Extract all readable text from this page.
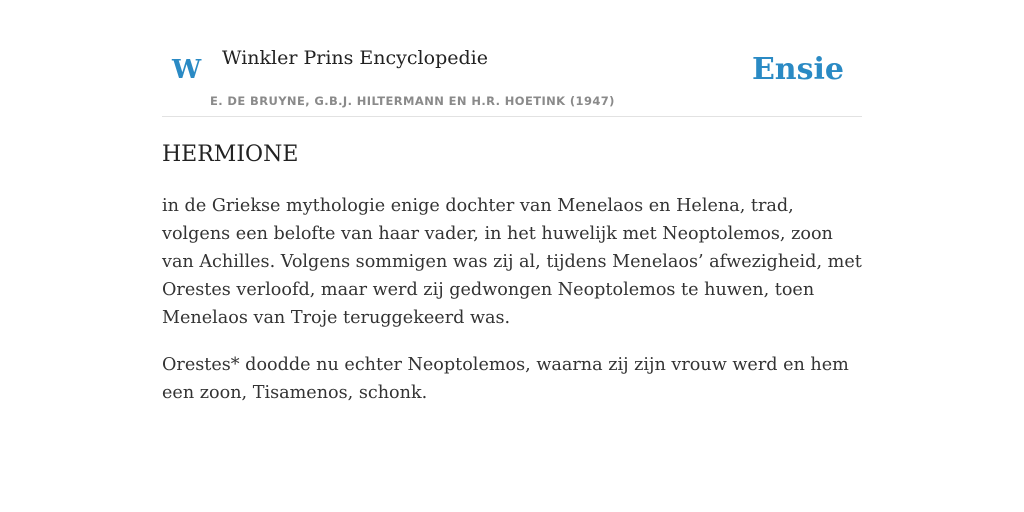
W Winkler Prins Encyclopedie
E. DE BRUYNE, G.B.J. HILTERMANN EN H.R. HOETINK (1947)
Ensie
HERMIONE

in de Griekse mythologie enige dochter van Menelaos en Helena, trad, volgens een belofte van haar vader, in het huwelijk met Neoptolemos, zoon van Achilles. Volgens sommigen was zij al, tijdens Menelaos’ afwezigheid, met Orestes verloofd, maar werd zij gedwongen Neoptolemos te huwen, toen Menelaos van Troje teruggekeerd was.

Orestes* doodde nu echter Neoptolemos, waarna zij zijn vrouw werd en hem een zoon, Tisamenos, schonk.
